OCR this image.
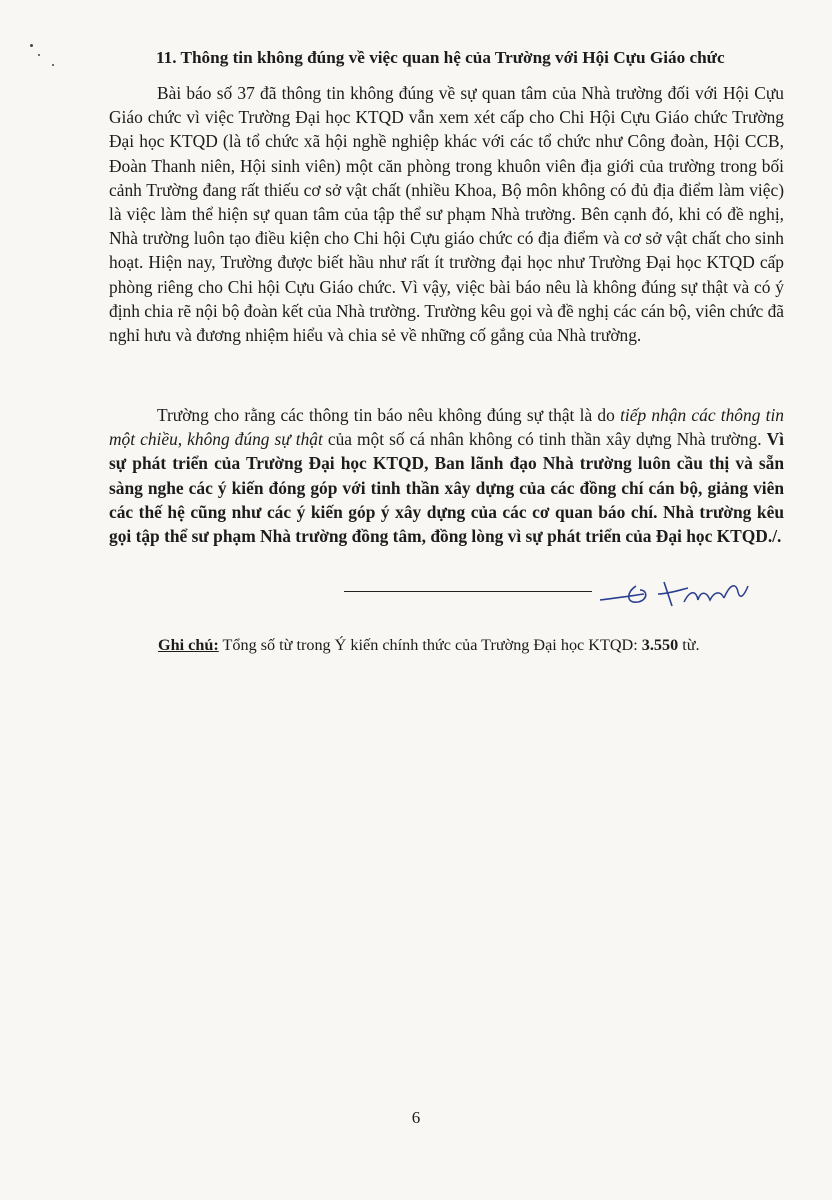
11. Thông tin không đúng về việc quan hệ của Trường với Hội Cựu Giáo chức

Bài báo số 37 đã thông tin không đúng về sự quan tâm của Nhà trường đối với Hội Cựu Giáo chức vì việc Trường Đại học KTQD vẫn xem xét cấp cho Chi Hội Cựu Giáo chức Trường Đại học KTQD (là tổ chức xã hội nghề nghiệp khác với các tổ chức như Công đoàn, Hội CCB, Đoàn Thanh niên, Hội sinh viên) một căn phòng trong khuôn viên địa giới của trường trong bối cảnh Trường đang rất thiếu cơ sở vật chất (nhiều Khoa, Bộ môn không có đủ địa điểm làm việc) là việc làm thể hiện sự quan tâm của tập thể sư phạm Nhà trường. Bên cạnh đó, khi có đề nghị, Nhà trường luôn tạo điều kiện cho Chi hội Cựu giáo chức có địa điểm và cơ sở vật chất cho sinh hoạt. Hiện nay, Trường được biết hầu như rất ít trường đại học như Trường Đại học KTQD cấp phòng riêng cho Chi hội Cựu Giáo chức. Vì vậy, việc bài báo nêu là không đúng sự thật và có ý định chia rẽ nội bộ đoàn kết của Nhà trường. Trường kêu gọi và đề nghị các cán bộ, viên chức đã nghỉ hưu và đương nhiệm hiểu và chia sẻ về những cố gắng của Nhà trường.

Trường cho rằng các thông tin báo nêu không đúng sự thật là do tiếp nhận các thông tin một chiều, không đúng sự thật của một số cá nhân không có tinh thần xây dựng Nhà trường. Vì sự phát triển của Trường Đại học KTQD, Ban lãnh đạo Nhà trường luôn cầu thị và sẵn sàng nghe các ý kiến đóng góp với tinh thần xây dựng của các đồng chí cán bộ, giảng viên các thế hệ cũng như các ý kiến góp ý xây dựng của các cơ quan báo chí. Nhà trường kêu gọi tập thể sư phạm Nhà trường đồng tâm, đồng lòng vì sự phát triển của Đại học KTQD./.

Ghi chú: Tổng số từ trong Ý kiến chính thức của Trường Đại học KTQD: 3.550 từ.
6
